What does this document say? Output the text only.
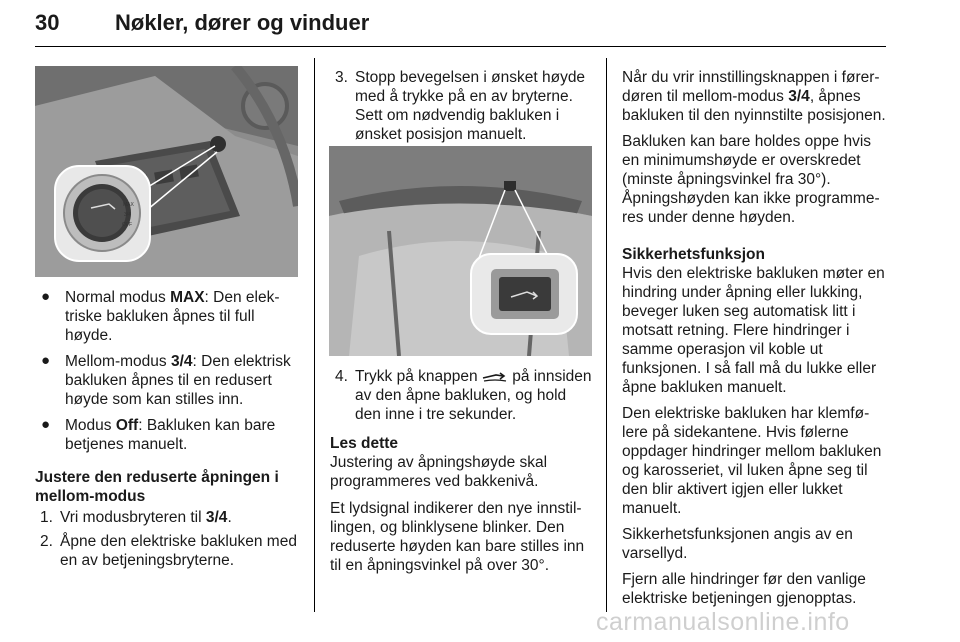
30	Nøkler, dører og vinduer
MAX
3/4
OFF
● Normal modus MAX: Den elektriske bakluken åpnes til full høyde.
● Mellom-modus 3/4: Den elektrisk bakluken åpnes til en redusert høyde som kan stilles inn.
● Modus Off: Bakluken kan bare betjenes manuelt.

Justere den reduserte åpningen i mellom-modus

1. Vri modusbryteren til 3/4.
2. Åpne den elektriske bakluken med en av betjeningsbryterne.
3. Stopp bevegelsen i ønsket høyde med å trykke på en av bryterne. Sett om nødvendig bakluken i ønsket posisjon manuelt.
4. Trykk på knappen  på innsiden av den åpne bakluken, og hold den inne i tre sekunder.

Les dette

Justering av åpningshøyde skal programmeres ved bakkenivå.

Et lydsignal indikerer den nye innstillingen, og blinklysene blinker. Den reduserte høyden kan bare stilles inn til en åpningsvinkel på over 30°.

Når du vrir innstillingsknappen i førerdøren til mellom-modus 3/4, åpnes bakluken til den nyinnstilte posisjonen.

Bakluken kan bare holdes oppe hvis en minimumshøyde er overskredet (minste åpningsvinkel fra 30°). Åpningshøyden kan ikke programmeres under denne høyden.

Sikkerhetsfunksjon

Hvis den elektriske bakluken møter en hindring under åpning eller lukking, beveger luken seg automatisk litt i motsatt retning. Flere hindringer i samme operasjon vil koble ut funksjonen. I så fall må du lukke eller åpne bakluken manuelt.

Den elektriske bakluken har klemfølere på sidekantene. Hvis følerne oppdager hindringer mellom bakluken og karosseriet, vil luken åpne seg til den blir aktivert igjen eller lukket manuelt.

Sikkerhetsfunksjonen angis av en varsellyd.

Fjern alle hindringer før den vanlige elektriske betjeningen gjenopptas.

carmanualsonline.info
